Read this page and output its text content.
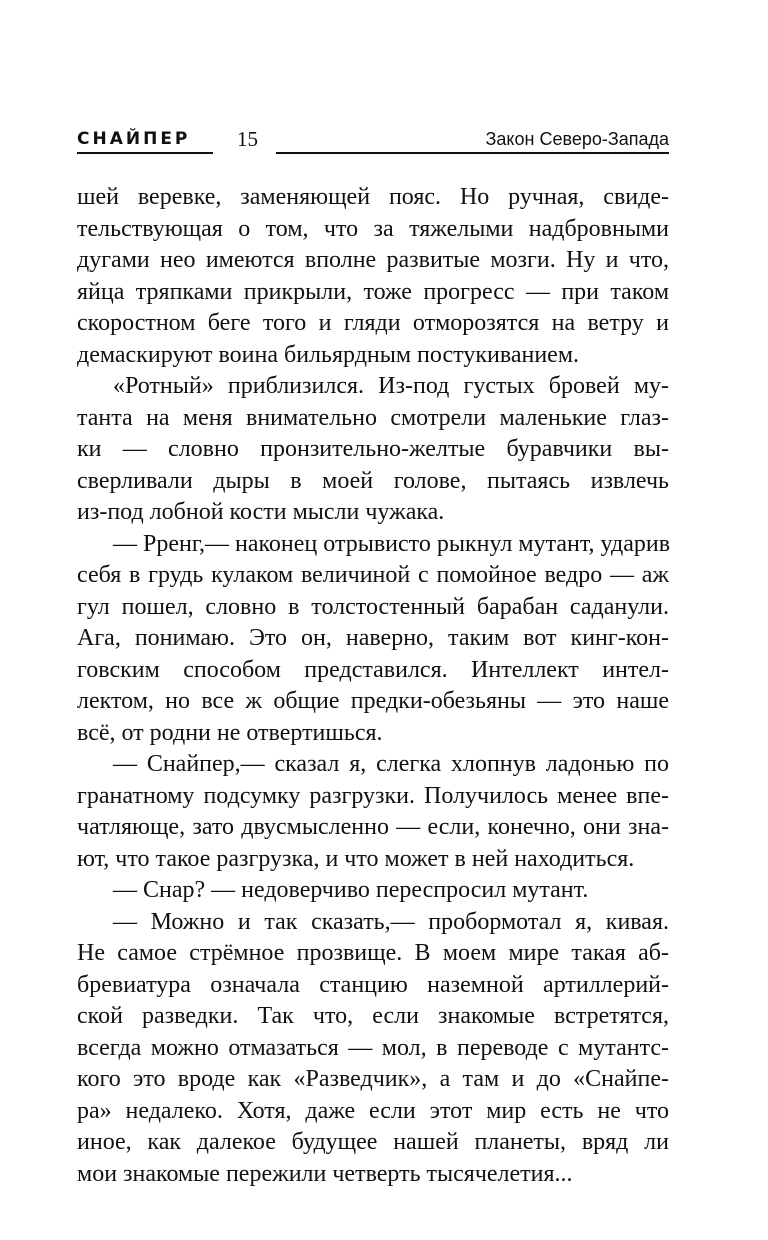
СНАЙПЕР 15	Закон Северо-Запада
шей веревке, заменяющей пояс. Но ручная, свиде-
тельствующая о том, что за тяжелыми надбровными
дугами нео имеются вполне развитые мозги. Ну и что,
яйца тряпками прикрыли, тоже прогресс — при таком
скоростном беге того и гляди отморозятся на ветру и
демаскируют воина бильярдным постукиванием.
«Ротный» приблизился. Из-под густых бровей му-
танта на меня внимательно смотрели маленькие глаз-
ки — словно пронзительно-желтые буравчики вы-
сверливали дыры в моей голове, пытаясь извлечь
из-под лобной кости мысли чужака.
— Рренг,— наконец отрывисто рыкнул мутант, ударив
себя в грудь кулаком величиной с помойное ведро — аж
гул пошел, словно в толстостенный барабан саданули.
Ага, понимаю. Это он, наверно, таким вот кинг-кон-
говским способом представился. Интеллект интел-
лектом, но все ж общие предки-обезьяны — это наше
всё, от родни не отвертишься.
— Снайпер,— сказал я, слегка хлопнув ладонью по
гранатному подсумку разгрузки. Получилось менее впе-
чатляюще, зато двусмысленно — если, конечно, они зна-
ют, что такое разгрузка, и что может в ней находиться.
— Снар? — недоверчиво переспросил мутант.
— Можно и так сказать,— пробормотал я, кивая.
Не самое стрёмное прозвище. В моем мире такая аб-
бревиатура означала станцию наземной артиллерий-
ской разведки. Так что, если знакомые встретятся,
всегда можно отмазаться — мол, в переводе с мутантс-
кого это вроде как «Разведчик», а там и до «Снайпе-
ра» недалеко. Хотя, даже если этот мир есть не что
иное, как далекое будущее нашей планеты, вряд ли
мои знакомые пережили четверть тысячелетия...
